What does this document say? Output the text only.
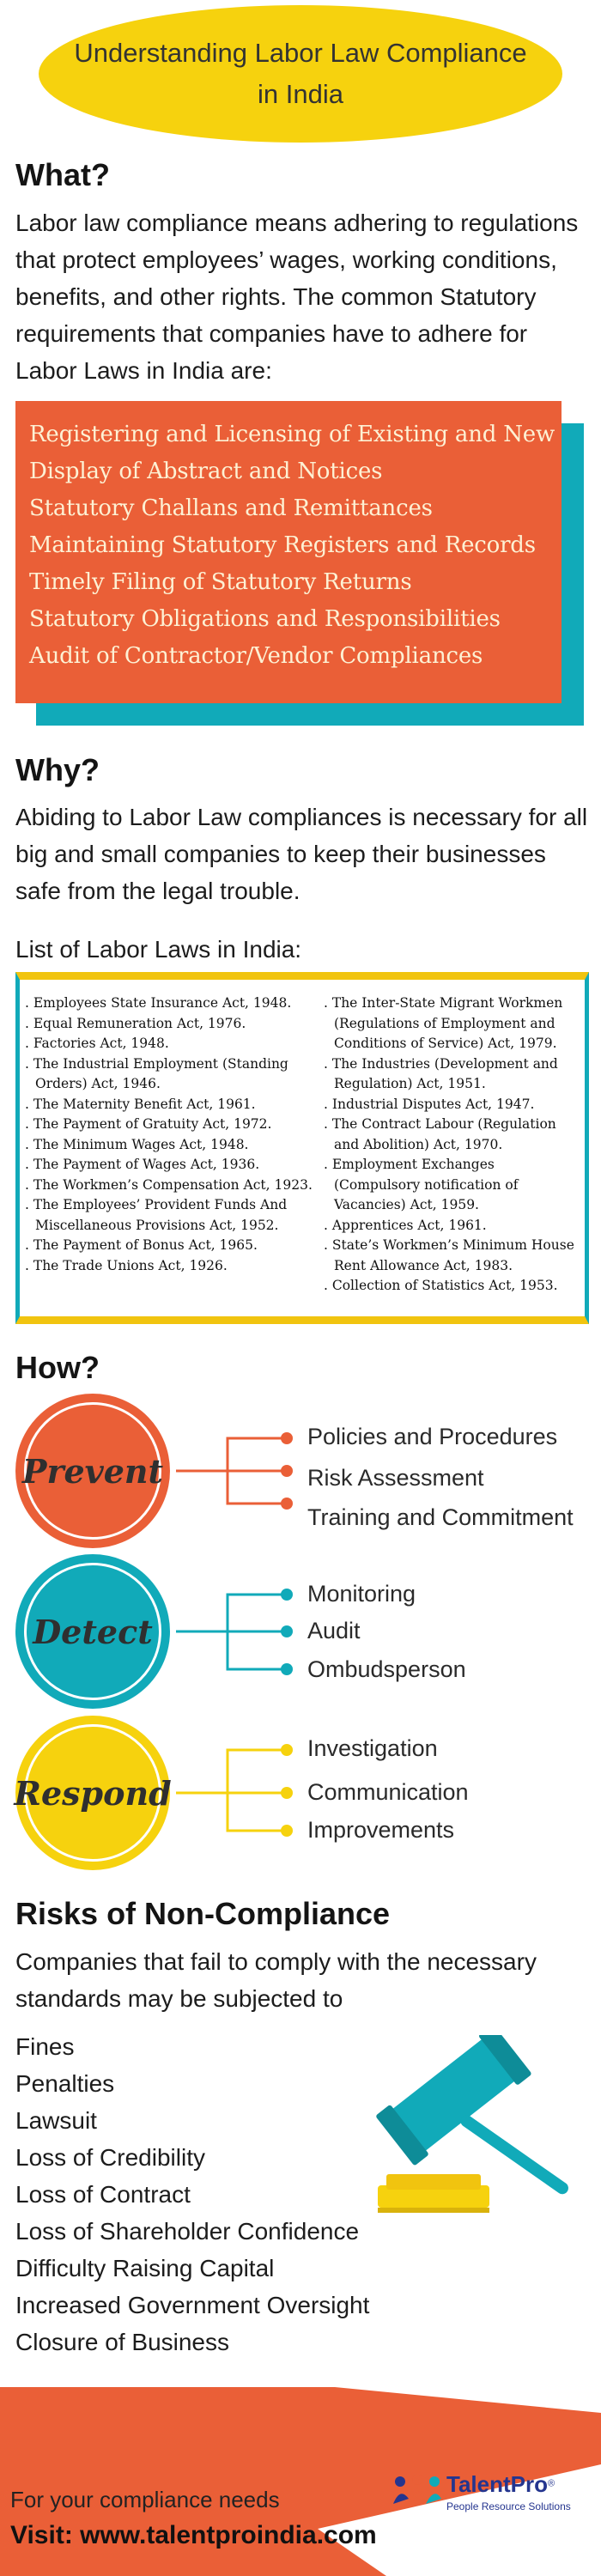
Understanding Labor Law Compliance in India
What?

Labor law compliance means adhering to regulations that protect employees’ wages, working conditions, benefits, and other rights. The common Statutory requirements that companies have to adhere for Labor Laws in India are:

Registering and Licensing of Existing and New
Display of Abstract and Notices
Statutory Challans and Remittances
Maintaining Statutory Registers and Records
Timely Filing of Statutory Returns
Statutory Obligations and Responsibilities
Audit of Contractor/Vendor Compliances
Why?

Abiding to Labor Law compliances is necessary for all big and small companies to keep their businesses safe from the legal trouble.

List of Labor Laws in India:

. Employees State Insurance Act, 1948.
. Equal Remuneration Act, 1976.
. Factories Act, 1948.
. The Industrial Employment (Standing Orders) Act, 1946.
. The Maternity Benefit Act, 1961.
. The Payment of Gratuity Act, 1972.
. The Minimum Wages Act, 1948.
. The Payment of Wages Act, 1936.
. The Workmen’s Compensation Act, 1923.
. The Employees’ Provident Funds And Miscellaneous Provisions Act, 1952.
. The Payment of Bonus Act, 1965.
. The Trade Unions Act, 1926.
. The Inter-State Migrant Workmen (Regulations of Employment and Conditions of Service) Act, 1979.
. The Industries (Development and Regulation) Act, 1951.
. Industrial Disputes Act, 1947.
. The Contract Labour (Regulation and Abolition) Act, 1970.
. Employment Exchanges (Compulsory notification of Vacancies) Act, 1959.
. Apprentices Act, 1961.
. State’s Workmen’s Minimum House Rent Allowance Act, 1983.
. Collection of Statistics Act, 1953.
How?
Prevent
Policies and Procedures
Risk Assessment
Training and Commitment
Detect
Monitoring
Audit
Ombudsperson
Respond
Investigation
Communication
Improvements
Risks of Non-Compliance

Companies that fail to comply with the necessary standards may be subjected to

Fines
Penalties
Lawsuit
Loss of Credibility
Loss of Contract
Loss of Shareholder Confidence
Difficulty Raising Capital
Increased Government Oversight
Closure of Business
For your compliance needs
Visit: www.talentproindia.com
TalentPro®
People Resource Solutions
